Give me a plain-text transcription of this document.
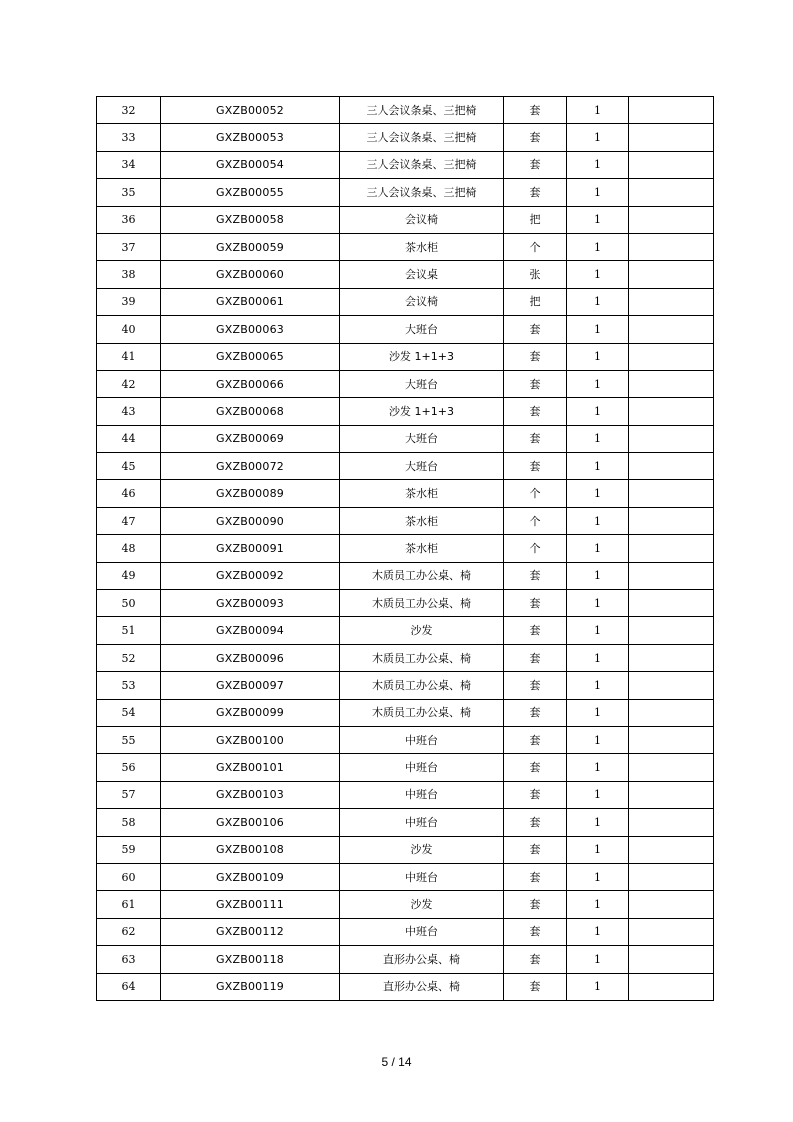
32	GXZB00052	三人会议条桌、三把椅	套	1	
33	GXZB00053	三人会议条桌、三把椅	套	1	
34	GXZB00054	三人会议条桌、三把椅	套	1	
35	GXZB00055	三人会议条桌、三把椅	套	1	
36	GXZB00058	会议椅	把	1	
37	GXZB00059	茶水柜	个	1	
38	GXZB00060	会议桌	张	1	
39	GXZB00061	会议椅	把	1	
40	GXZB00063	大班台	套	1	
41	GXZB00065	沙发 1+1+3	套	1	
42	GXZB00066	大班台	套	1	
43	GXZB00068	沙发 1+1+3	套	1	
44	GXZB00069	大班台	套	1	
45	GXZB00072	大班台	套	1	
46	GXZB00089	茶水柜	个	1	
47	GXZB00090	茶水柜	个	1	
48	GXZB00091	茶水柜	个	1	
49	GXZB00092	木质员工办公桌、椅	套	1	
50	GXZB00093	木质员工办公桌、椅	套	1	
51	GXZB00094	沙发	套	1	
52	GXZB00096	木质员工办公桌、椅	套	1	
53	GXZB00097	木质员工办公桌、椅	套	1	
54	GXZB00099	木质员工办公桌、椅	套	1	
55	GXZB00100	中班台	套	1	
56	GXZB00101	中班台	套	1	
57	GXZB00103	中班台	套	1	
58	GXZB00106	中班台	套	1	
59	GXZB00108	沙发	套	1	
60	GXZB00109	中班台	套	1	
61	GXZB00111	沙发	套	1	
62	GXZB00112	中班台	套	1	
63	GXZB00118	直形办公桌、椅	套	1	
64	GXZB00119	直形办公桌、椅	套	1	
5 / 14
